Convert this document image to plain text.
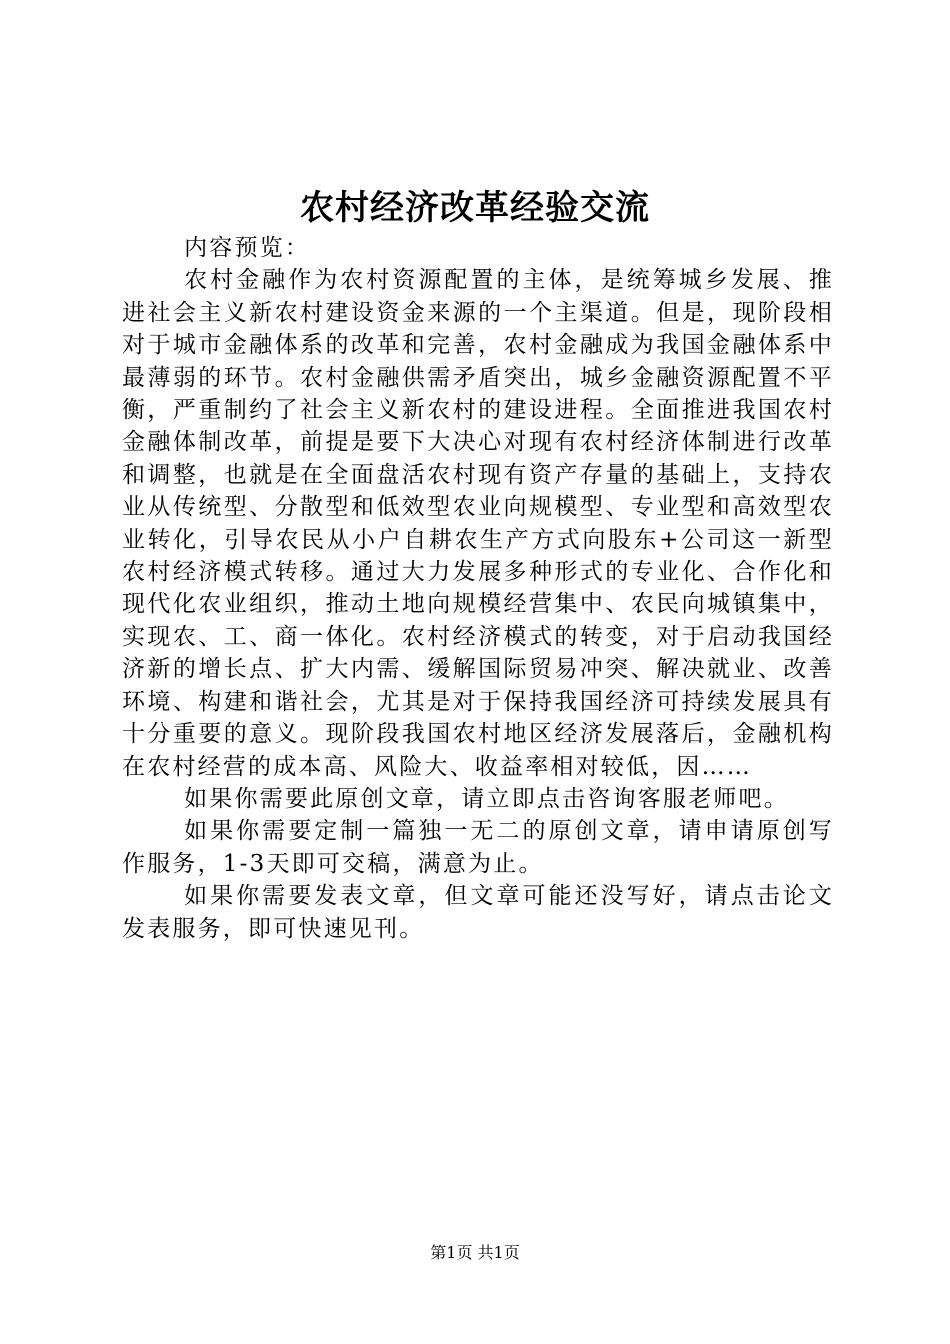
农村经济改革经验交流

内容预览：

农村金融作为农村资源配置的主体，是统筹城乡发展、推进社会主义新农村建设资金来源的一个主渠道。但是，现阶段相对于城市金融体系的改革和完善，农村金融成为我国金融体系中最薄弱的环节。农村金融供需矛盾突出，城乡金融资源配置不平衡，严重制约了社会主义新农村的建设进程。全面推进我国农村金融体制改革，前提是要下大决心对现有农村经济体制进行改革和调整，也就是在全面盘活农村现有资产存量的基础上，支持农业从传统型、分散型和低效型农业向规模型、专业型和高效型农业转化，引导农民从小户自耕农生产方式向股东+公司这一新型农村经济模式转移。通过大力发展多种形式的专业化、合作化和现代化农业组织，推动土地向规模经营集中、农民向城镇集中，实现农、工、商一体化。农村经济模式的转变，对于启动我国经济新的增长点、扩大内需、缓解国际贸易冲突、解决就业、改善环境、构建和谐社会，尤其是对于保持我国经济可持续发展具有十分重要的意义。现阶段我国农村地区经济发展落后，金融机构在农村经营的成本高、风险大、收益率相对较低，因……

如果你需要此原创文章，请立即点击咨询客服老师吧。

如果你需要定制一篇独一无二的原创文章，请申请原创写作服务，1-3天即可交稿，满意为止。

如果你需要发表文章，但文章可能还没写好，请点击论文发表服务，即可快速见刊。

第1页 共1页
